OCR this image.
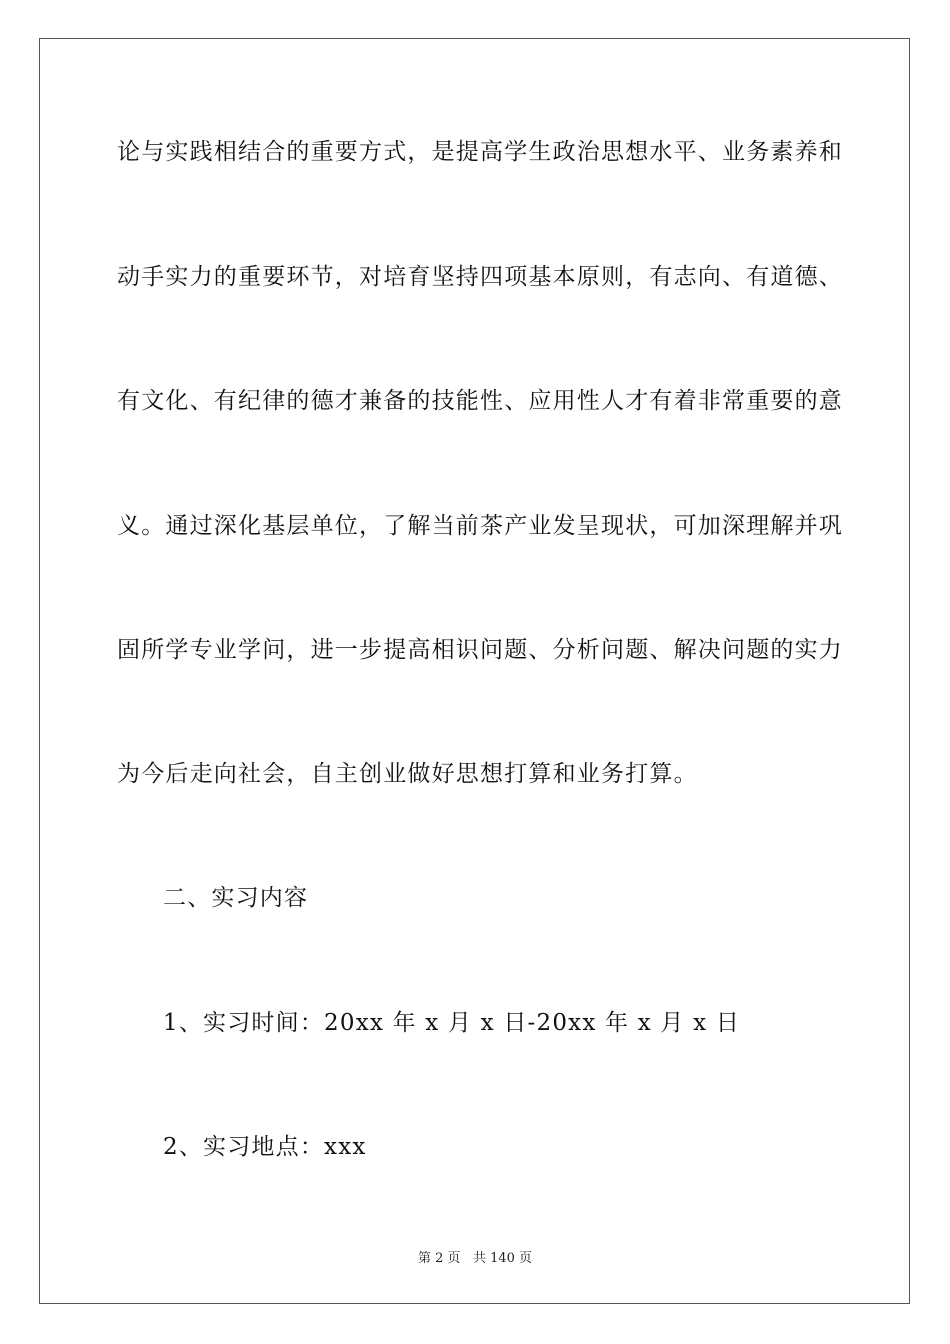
论与实践相结合的重要方式，是提高学生政治思想水平、业务素养和
动手实力的重要环节，对培育坚持四项基本原则，有志向、有道德、
有文化、有纪律的德才兼备的技能性、应用性人才有着非常重要的意
义。通过深化基层单位，了解当前茶产业发呈现状，可加深理解并巩
固所学专业学问，进一步提高相识问题、分析问题、解决问题的实力
为今后走向社会，自主创业做好思想打算和业务打算。
二、实习内容
1、实习时间：20xx 年 x 月 x 日-20xx 年 x 月 x 日
2、实习地点：xxx
第 2 页 共 140 页
